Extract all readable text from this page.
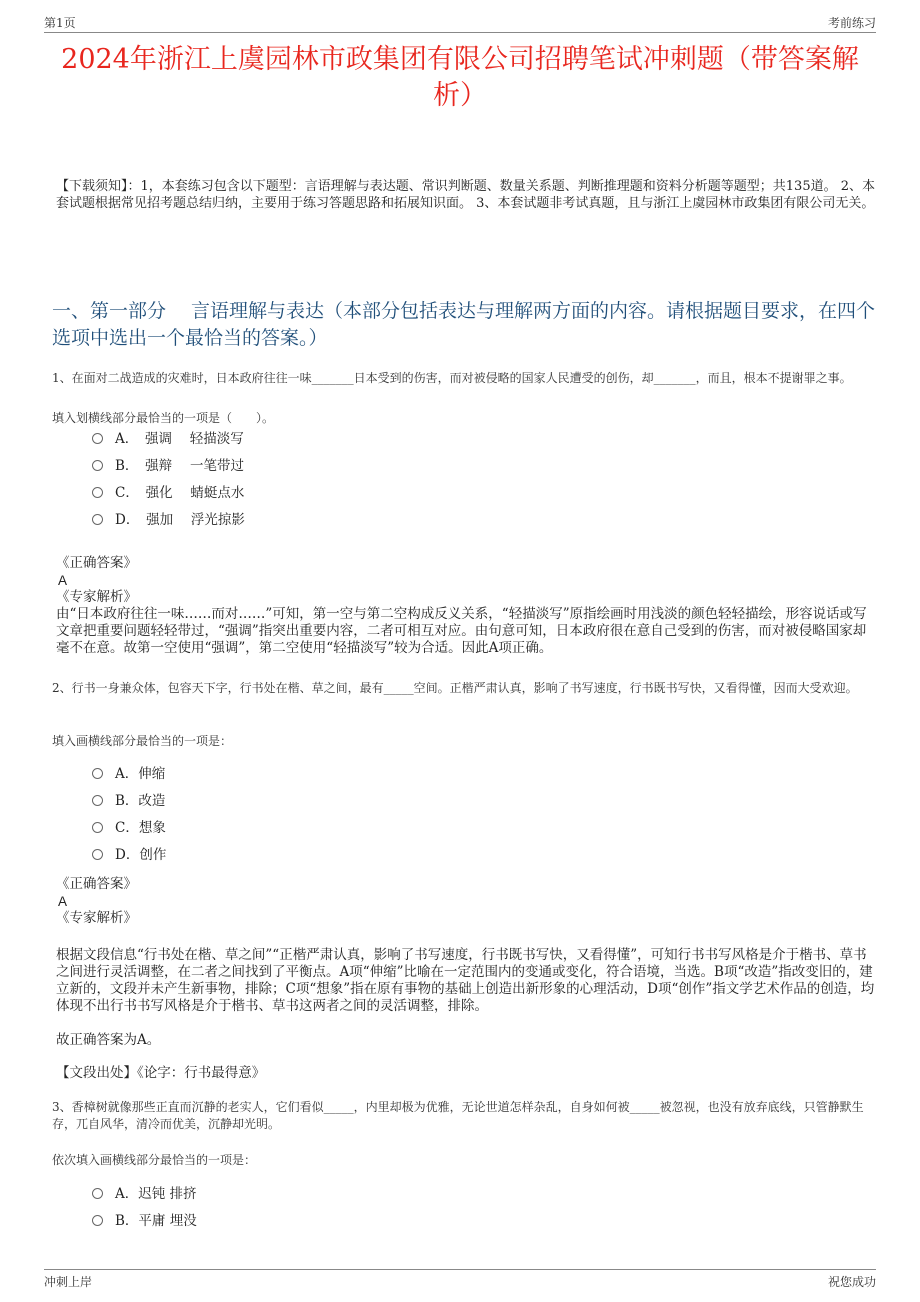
第1页	考前练习
2024年浙江上虞园林市政集团有限公司招聘笔试冲刺题（带答案解析）
【下载须知】：1，本套练习包含以下题型：言语理解与表达题、常识判断题、数量关系题、判断推理题和资料分析题等题型；共135道。 2、本套试题根据常见招考题总结归纳，主要用于练习答题思路和拓展知识面。 3、本套试题非考试真题，且与浙江上虞园林市政集团有限公司无关。
一、第一部分　 言语理解与表达（本部分包括表达与理解两方面的内容。请根据题目要求，在四个选项中选出一个最恰当的答案。）
1、在面对二战造成的灾难时，日本政府往往一味_______日本受到的伤害，而对被侵略的国家人民遭受的创伤，却_______，而且，根本不提谢罪之事。
填入划横线部分最恰当的一项是（　　）。
A．　强调　 轻描淡写
B．　强辩　 一笔带过
C．　强化　 蜻蜓点水
D．　强加　 浮光掠影
《正确答案》
A
《专家解析》

由“日本政府往往一味……而对……”可知，第一空与第二空构成反义关系，“轻描淡写”原指绘画时用浅淡的颜色轻轻描绘，形容说话或写文章把重要问题轻轻带过，“强调”指突出重要内容，二者可相互对应。由句意可知，日本政府很在意自己受到的伤害，而对被侵略国家却毫不在意。故第一空使用“强调”，第二空使用“轻描淡写”较为合适。因此A项正确。

2、行书一身兼众体，包容天下字，行书处在楷、草之间，最有_____空间。正楷严肃认真，影响了书写速度，行书既书写快，又看得懂，因而大受欢迎。
填入画横线部分最恰当的一项是：
A．伸缩
B．改造
C．想象
D．创作
《正确答案》
A
《专家解析》
根据文段信息“行书处在楷、草之间”“正楷严肃认真，影响了书写速度，行书既书写快，又看得懂”，可知行书书写风格是介于楷书、草书之间进行灵活调整，在二者之间找到了平衡点。A项“伸缩”比喻在一定范围内的变通或变化，符合语境，当选。B项“改造”指改变旧的，建立新的，文段并未产生新事物，排除；C项“想象”指在原有事物的基础上创造出新形象的心理活动，D项“创作”指文学艺术作品的创造，均体现不出行书书写风格是介于楷书、草书这两者之间的灵活调整，排除。
故正确答案为A。
【文段出处】《论字：行书最得意》
3、香樟树就像那些正直而沉静的老实人，它们看似_____，内里却极为优雅，无论世道怎样杂乱，自身如何被_____被忽视，也没有放弃底线，只管静默生存，兀自风华，清冷而优美，沉静却光明。
依次填入画横线部分最恰当的一项是：
A．迟钝 排挤
B．平庸 埋没
冲刺上岸	祝您成功
